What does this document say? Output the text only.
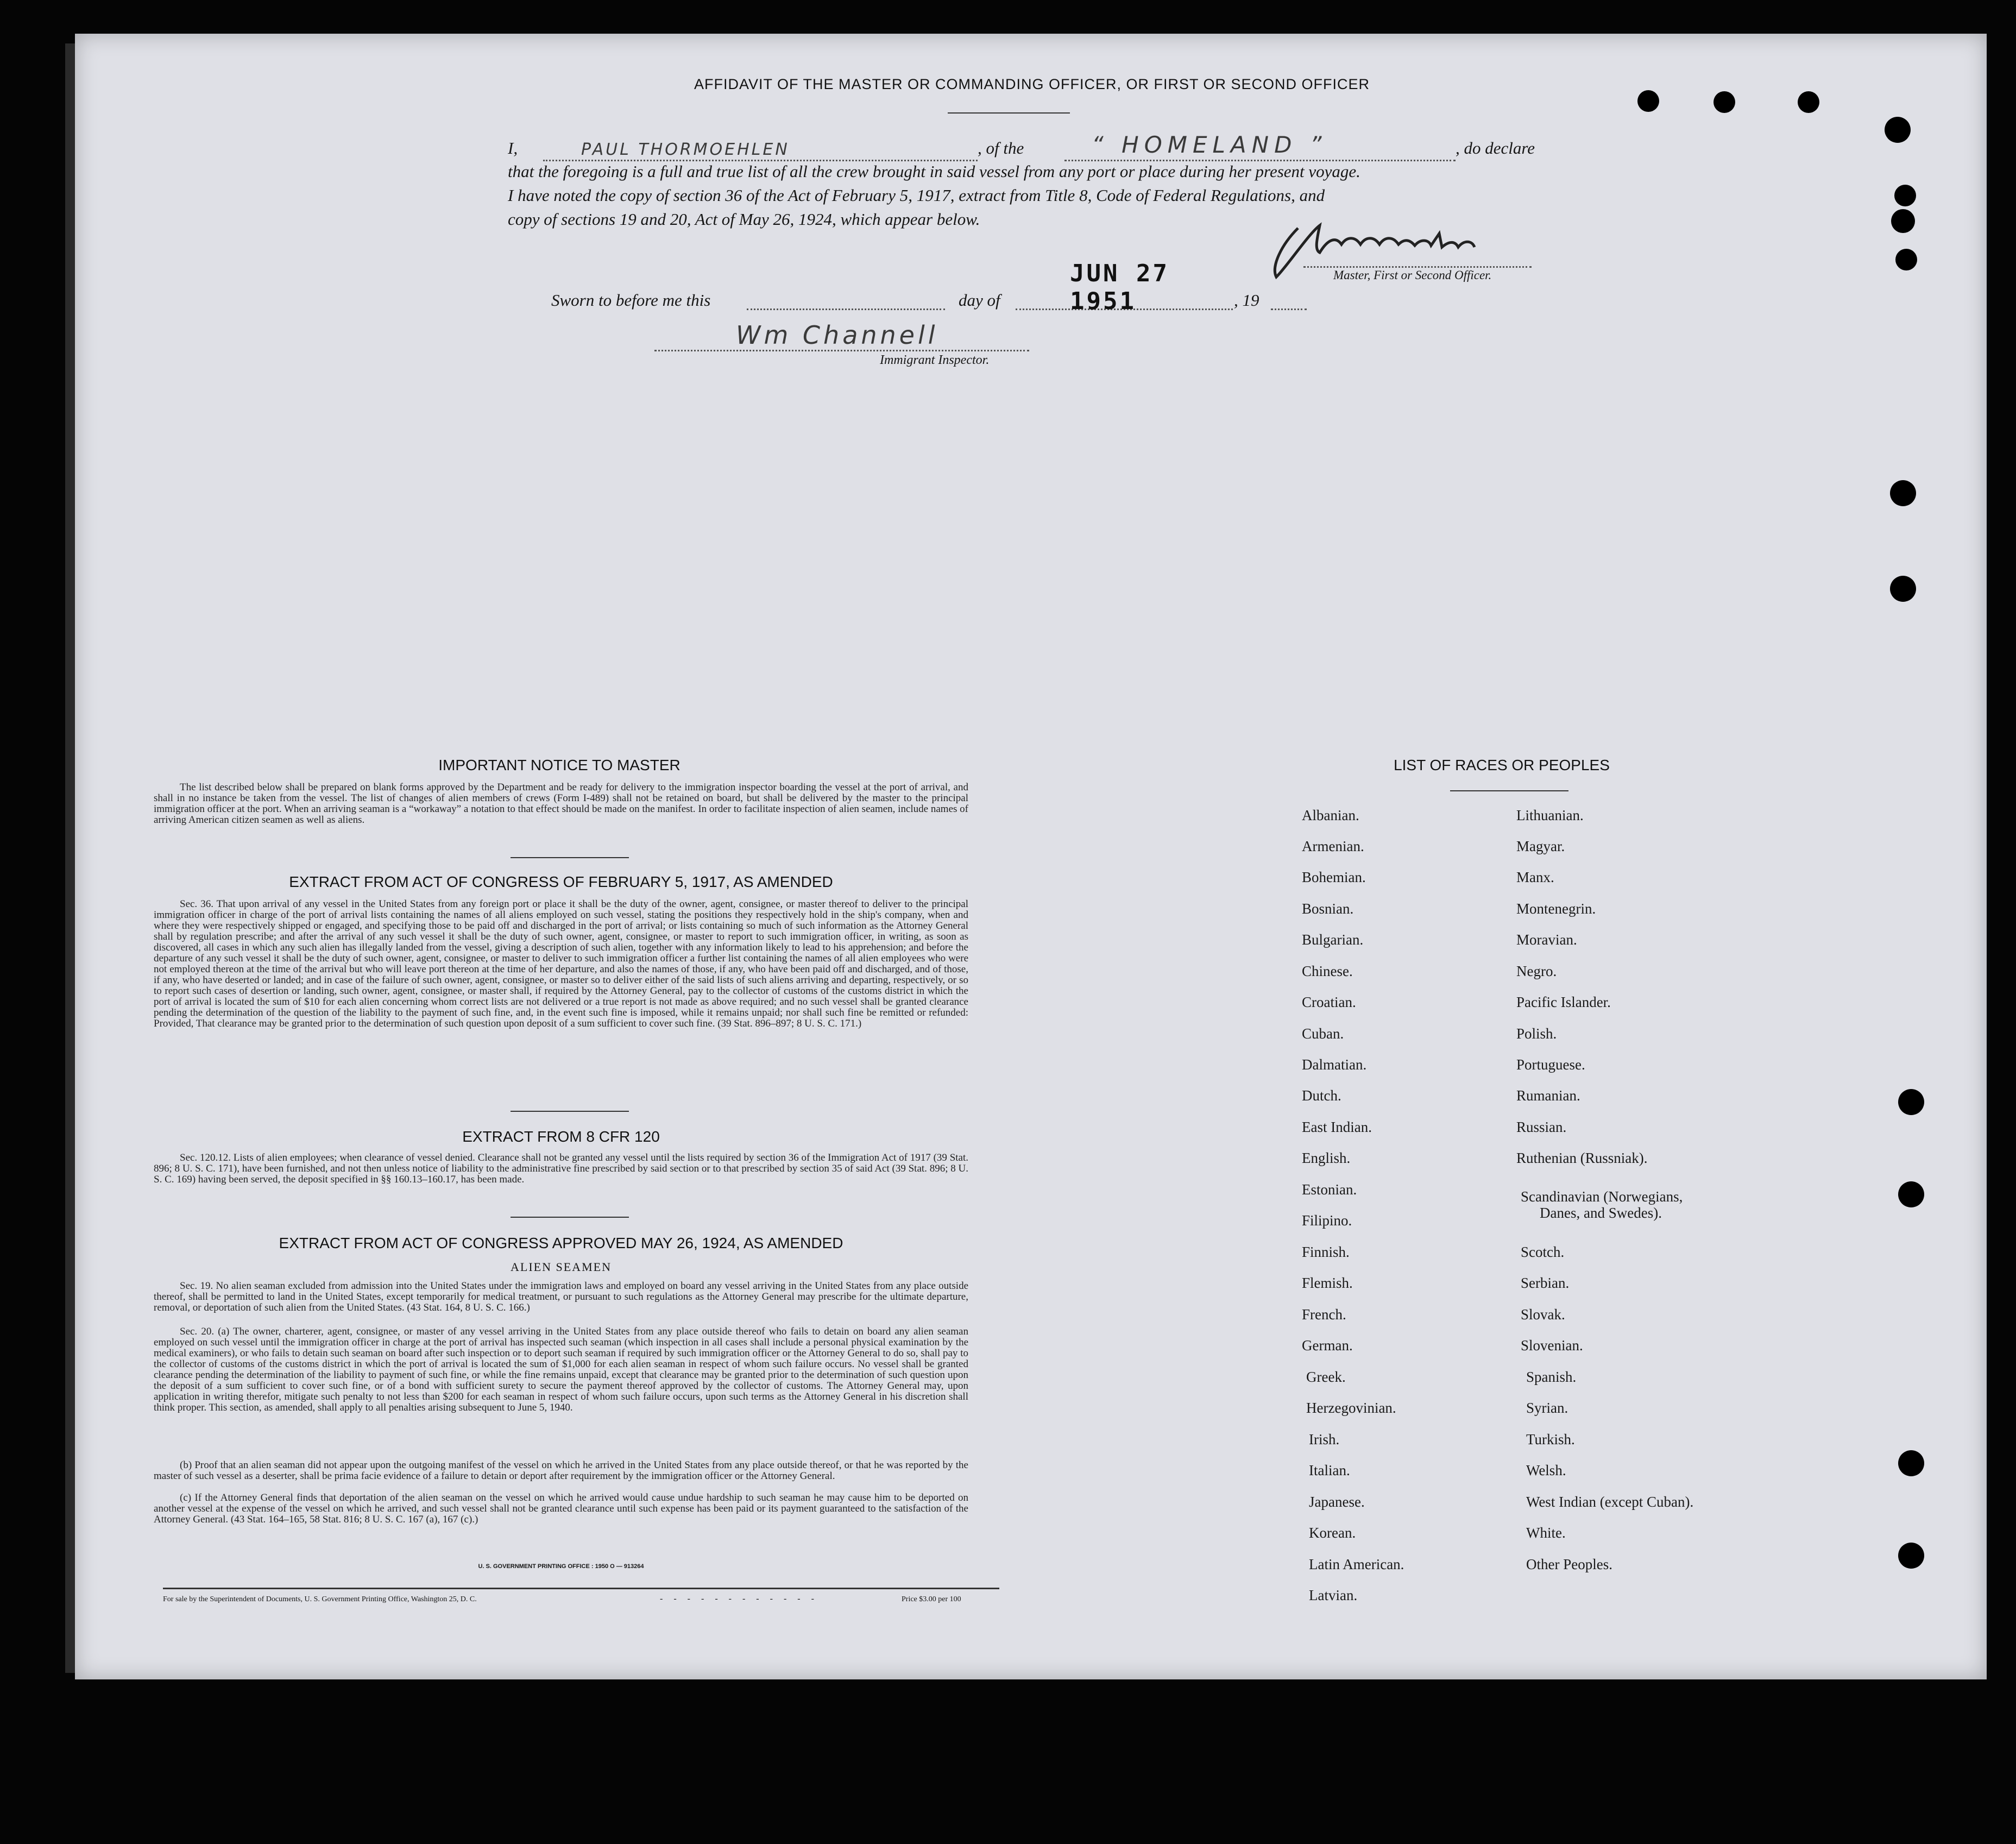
AFFIDAVIT OF THE MASTER OR COMMANDING OFFICER, OR FIRST OR SECOND OFFICER
I,	PAUL THORMOEHLEN	, of the	“ HOMELAND ”	, do declare
that the foregoing is a full and true list of all the crew brought in said vessel from any port or place during her present voyage.
I have noted the copy of section 36 of the Act of February 5, 1917, extract from Title 8, Code of Federal Regulations, and
copy of sections 19 and 20, Act of May 26, 1924, which appear below.
Master, First or Second Officer.
Sworn to before me this	day of
JUN 27 1951	, 19
Wm Channell
Immigrant Inspector.
IMPORTANT NOTICE TO MASTER
The list described below shall be prepared on blank forms approved by the Department and be ready for delivery to the immigration inspector boarding the vessel at the port of arrival, and shall in no instance be taken from the vessel. The list of changes of alien members of crews (Form I-489) shall not be retained on board, but shall be delivered by the master to the principal immigration officer at the port. When an arriving seaman is a “workaway” a notation to that effect should be made on the manifest. In order to facilitate inspection of alien seamen, include names of arriving American citizen seamen as well as aliens.
EXTRACT FROM ACT OF CONGRESS OF FEBRUARY 5, 1917, AS AMENDED
Sec. 36. That upon arrival of any vessel in the United States from any foreign port or place it shall be the duty of the owner, agent, consignee, or master thereof to deliver to the principal immigration officer in charge of the port of arrival lists containing the names of all aliens employed on such vessel, stating the positions they respectively hold in the ship's company, when and where they were respectively shipped or engaged, and specifying those to be paid off and discharged in the port of arrival; or lists containing so much of such information as the Attorney General shall by regulation prescribe; and after the arrival of any such vessel it shall be the duty of such owner, agent, consignee, or master to report to such immigration officer, in writing, as soon as discovered, all cases in which any such alien has illegally landed from the vessel, giving a description of such alien, together with any information likely to lead to his apprehension; and before the departure of any such vessel it shall be the duty of such owner, agent, consignee, or master to deliver to such immigration officer a further list containing the names of all alien employees who were not employed thereon at the time of the arrival but who will leave port thereon at the time of her departure, and also the names of those, if any, who have been paid off and discharged, and of those, if any, who have deserted or landed; and in case of the failure of such owner, agent, consignee, or master so to deliver either of the said lists of such aliens arriving and departing, respectively, or so to report such cases of desertion or landing, such owner, agent, consignee, or master shall, if required by the Attorney General, pay to the collector of customs of the customs district in which the port of arrival is located the sum of $10 for each alien concerning whom correct lists are not delivered or a true report is not made as above required; and no such vessel shall be granted clearance pending the determination of the question of the liability to the payment of such fine, and, in the event such fine is imposed, while it remains unpaid; nor shall such fine be remitted or refunded: Provided, That clearance may be granted prior to the determination of such question upon deposit of a sum sufficient to cover such fine. (39 Stat. 896–897; 8 U. S. C. 171.)
EXTRACT FROM 8 CFR 120
Sec. 120.12. Lists of alien employees; when clearance of vessel denied. Clearance shall not be granted any vessel until the lists required by section 36 of the Immigration Act of 1917 (39 Stat. 896; 8 U. S. C. 171), have been furnished, and not then unless notice of liability to the administrative fine prescribed by said section or to that prescribed by section 35 of said Act (39 Stat. 896; 8 U. S. C. 169) having been served, the deposit specified in §§ 160.13–160.17, has been made.
EXTRACT FROM ACT OF CONGRESS APPROVED MAY 26, 1924, AS AMENDED
ALIEN SEAMEN
Sec. 19. No alien seaman excluded from admission into the United States under the immigration laws and employed on board any vessel arriving in the United States from any place outside thereof, shall be permitted to land in the United States, except temporarily for medical treatment, or pursuant to such regulations as the Attorney General may prescribe for the ultimate departure, removal, or deportation of such alien from the United States. (43 Stat. 164, 8 U. S. C. 166.)
Sec. 20. (a) The owner, charterer, agent, consignee, or master of any vessel arriving in the United States from any place outside thereof who fails to detain on board any alien seaman employed on such vessel until the immigration officer in charge at the port of arrival has inspected such seaman (which inspection in all cases shall include a personal physical examination by the medical examiners), or who fails to detain such seaman on board after such inspection or to deport such seaman if required by such immigration officer or the Attorney General to do so, shall pay to the collector of customs of the customs district in which the port of arrival is located the sum of $1,000 for each alien seaman in respect of whom such failure occurs. No vessel shall be granted clearance pending the determination of the liability to payment of such fine, or while the fine remains unpaid, except that clearance may be granted prior to the determination of such question upon the deposit of a sum sufficient to cover such fine, or of a bond with sufficient surety to secure the payment thereof approved by the collector of customs. The Attorney General may, upon application in writing therefor, mitigate such penalty to not less than $200 for each seaman in respect of whom such failure occurs, upon such terms as the Attorney General in his discretion shall think proper. This section, as amended, shall apply to all penalties arising subsequent to June 5, 1940.
(b) Proof that an alien seaman did not appear upon the outgoing manifest of the vessel on which he arrived in the United States from any place outside thereof, or that he was reported by the master of such vessel as a deserter, shall be prima facie evidence of a failure to detain or deport after requirement by the immigration officer or the Attorney General.
(c) If the Attorney General finds that deportation of the alien seaman on the vessel on which he arrived would cause undue hardship to such seaman he may cause him to be deported on another vessel at the expense of the vessel on which he arrived, and such vessel shall not be granted clearance until such expense has been paid or its payment guaranteed to the satisfaction of the Attorney General. (43 Stat. 164–165, 58 Stat. 816; 8 U. S. C. 167 (a), 167 (c).)
U. S. GOVERNMENT PRINTING OFFICE : 1950 O — 913264
For sale by the Superintendent of Documents, U. S. Government Printing Office, Washington 25, D. C.	- - - - - - - - - - - -	Price $3.00 per 100
LIST OF RACES OR PEOPLES
Albanian.
Armenian.
Bohemian.
Bosnian.
Bulgarian.
Chinese.
Croatian.
Cuban.
Dalmatian.
Dutch.
East Indian.
English.
Estonian.
Filipino.
Finnish.
Flemish.
French.
German.
Greek.
Herzegovinian.
Irish.
Italian.
Japanese.
Korean.
Latin American.
Latvian.
Lithuanian.
Magyar.
Manx.
Montenegrin.
Moravian.
Negro.
Pacific Islander.
Polish.
Portuguese.
Rumanian.
Russian.
Ruthenian (Russniak).
Scandinavian (Norwegians,
Danes, and Swedes).
Scotch.
Serbian.
Slovak.
Slovenian.
Spanish.
Syrian.
Turkish.
Welsh.
West Indian (except Cuban).
White.
Other Peoples.
